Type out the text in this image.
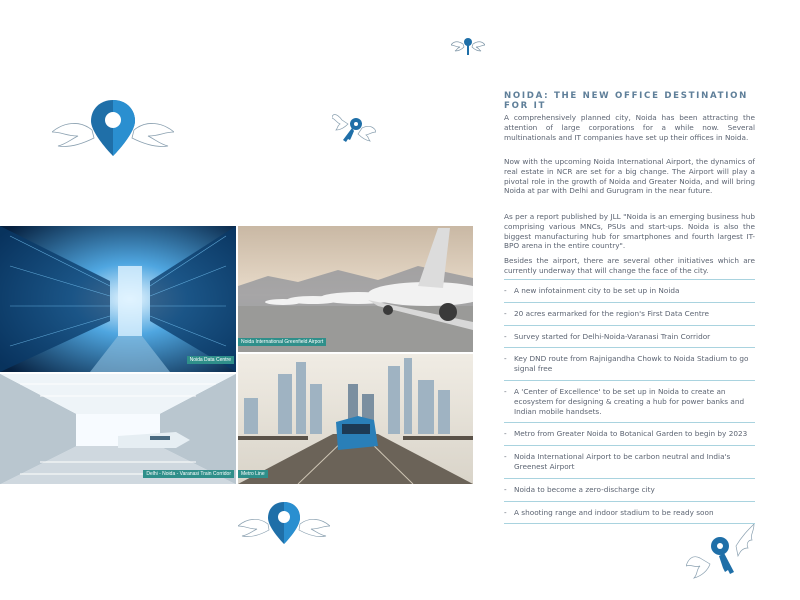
Noida Data Centre
Noida International Greenfield Airport
Delhi - Noida - Varanasi Train Corridor	Metro Line
NOIDA: THE NEW OFFICE DESTINATION FOR IT

A comprehensively planned city, Noida has been attracting the attention of large corporations for a while now. Several multinationals and IT companies have set up their offices in Noida.

Now with the upcoming Noida International Airport, the dynamics of real estate in NCR are set for a big change. The Airport will play a pivotal role in the growth of Noida and Greater Noida, and will bring Noida at par with Delhi and Gurugram in the near future.

As per a report published by JLL "Noida is an emerging business hub comprising various MNCs, PSUs and start-ups. Noida is also the biggest manufacturing hub for smartphones and fourth largest IT-BPO arena in the entire country".

Besides the airport, there are several other initiatives which are currently underway that will change the face of the city.

- A new infotainment city to be set up in Noida
- 20 acres earmarked for the region's First Data Centre
- Survey started for Delhi-Noida-Varanasi Train Corridor
- Key DND route from Rajnigandha Chowk to Noida Stadium to go signal free
- A 'Center of Excellence' to be set up in Noida to create an ecosystem for designing & creating a hub for power banks and Indian mobile handsets.
- Metro from Greater Noida to Botanical Garden to begin by 2023
- Noida International Airport to be carbon neutral and India's Greenest Airport
- Noida to become a zero-discharge city
- A shooting range and indoor stadium to be ready soon
